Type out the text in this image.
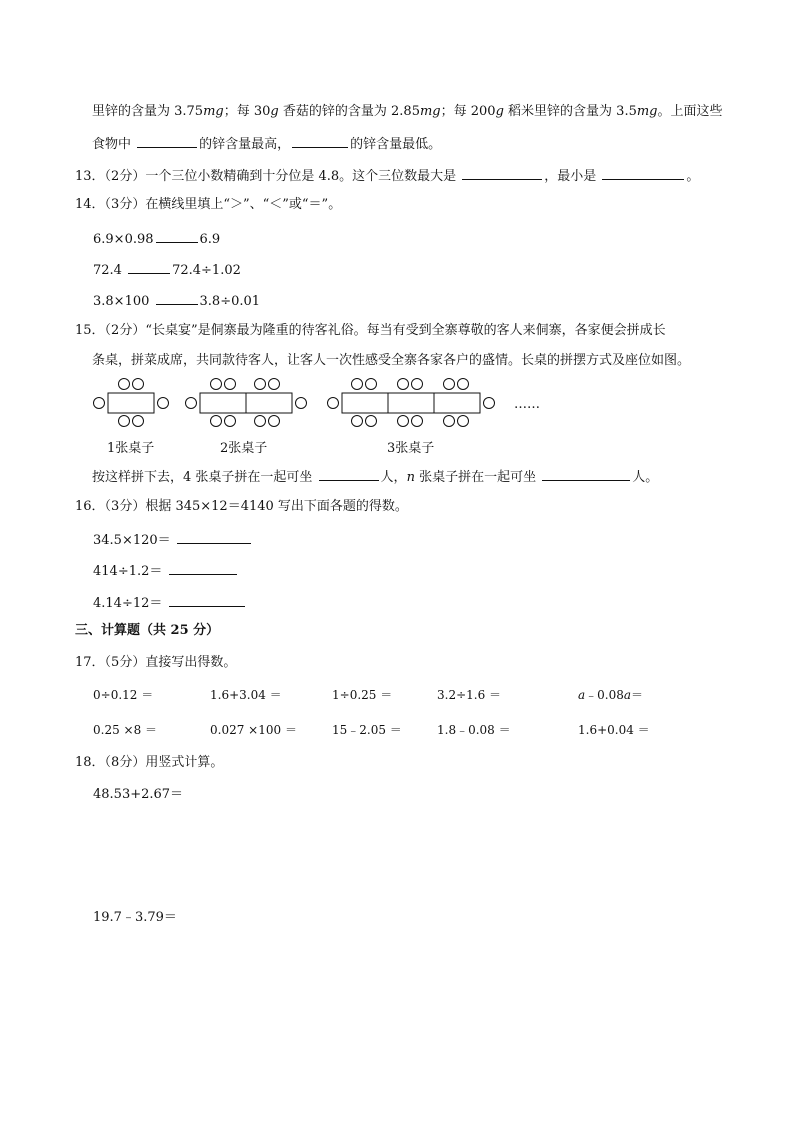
里锌的含量为 3.75mg；每 30g 香菇的锌的含量为 2.85mg；每 200g 稻米里锌的含量为 3.5mg。上面这些
食物中	的锌含量最高，	的锌含量最低。
13．（2分）一个三位小数精确到十分位是 4.8。这个三位数最大是	，最小是	。
14．（3分）在横线里填上“＞”、“＜”或“＝”。
6.9×0.98	6.9
72.4	72.4÷1.02
3.8×100	3.8÷0.01
15．（2分）“长桌宴”是侗寨最为隆重的待客礼俗。每当有受到全寨尊敬的客人来侗寨，各家便会拼成长
条桌，拼菜成席，共同款待客人，让客人一次性感受全寨各家各户的盛情。长桌的拼摆方式及座位如图。
……
1张桌子	2张桌子	3张桌子
按这样拼下去，4 张桌子拼在一起可坐	人，n 张桌子拼在一起可坐	人。
16．（3分）根据 345×12＝4140 写出下面各题的得数。
34.5×120＝
414÷1.2＝
4.14÷12＝
三、计算题（共 25 分）
17．（5分）直接写出得数。
0÷0.12 ＝	1.6+3.04 ＝	1÷0.25 ＝	3.2÷1.6 ＝	a﹣0.08a＝
0.25 ×8 ＝	0.027 ×100 ＝	15﹣2.05 ＝	1.8﹣0.08 ＝	1.6+0.04 ＝
18．（8分）用竖式计算。
48.53+2.67＝
19.7﹣3.79＝
